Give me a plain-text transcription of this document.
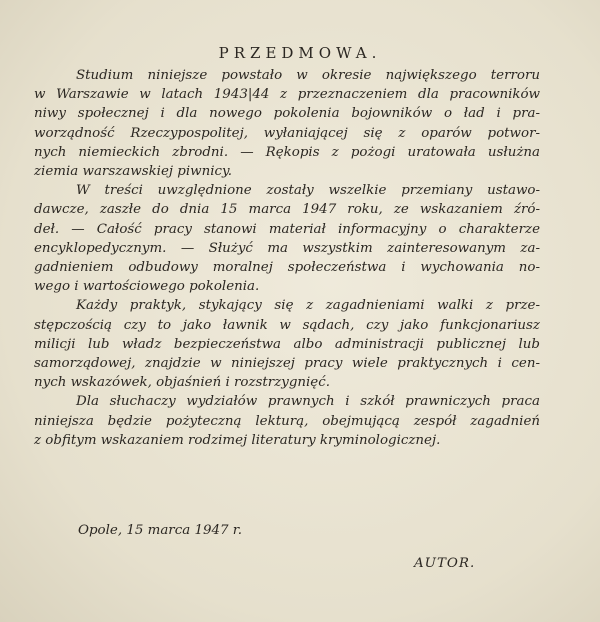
PRZEDMOWA.
Studium niniejsze powstało w okresie największego terroru
w Warszawie w latach 1943|44 z przeznaczeniem dla pracowników
niwy społecznej i dla nowego pokolenia bojowników o ład i pra-
worządność Rzeczypospolitej, wyłaniającej się z oparów potwor-
nych niemieckich zbrodni. — Rękopis z pożogi uratowała usłużna
ziemia warszawskiej piwnicy.
W treści uwzględnione zostały wszelkie przemiany ustawo-
dawcze, zaszłe do dnia 15 marca 1947 roku, ze wskazaniem źró-
deł. — Całość pracy stanowi materiał informacyjny o charakterze
encyklopedycznym. — Służyć ma wszystkim zainteresowanym za-
gadnieniem odbudowy moralnej społeczeństwa i wychowania no-
wego i wartościowego pokolenia.
Każdy praktyk, stykający się z zagadnieniami walki z prze-
stępczością czy to jako ławnik w sądach, czy jako funkcjonariusz
milicji lub władz bezpieczeństwa albo administracji publicznej lub
samorządowej, znajdzie w niniejszej pracy wiele praktycznych i cen-
nych wskazówek, objaśnień i rozstrzygnięć.
Dla słuchaczy wydziałów prawnych i szkół prawniczych praca
niniejsza będzie pożyteczną lekturą, obejmującą zespół zagadnień
z obfitym wskazaniem rodzimej literatury kryminologicznej.
Opole, 15 marca 1947 r.
AUTOR.
